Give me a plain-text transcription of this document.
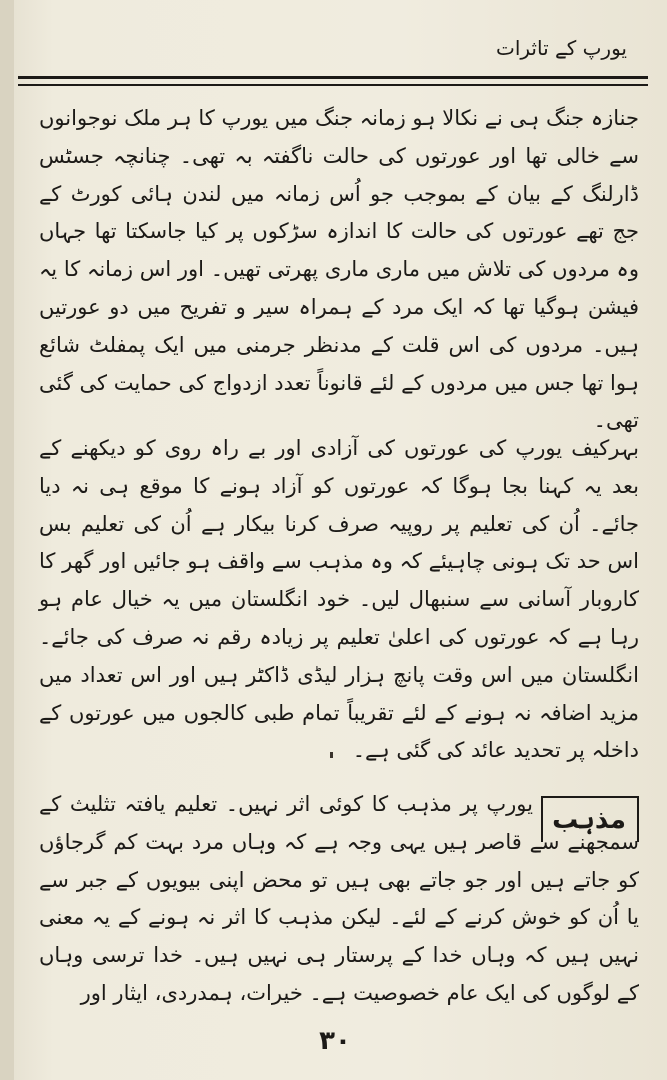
یورپ کے تاثرات

جنازہ جنگ ہی نے نکالا ہو زمانہ جنگ میں یورپ کا ہر ملک نوجوانوں سے خالی تھا اور عورتوں کی حالت ناگفتہ بہ تھی۔ چنانچہ جسٹس ڈارلنگ کے بیان کے بموجب جو اُس زمانہ میں لندن ہائی کورٹ کے جج تھے عورتوں کی حالت کا اندازہ سڑکوں پر کیا جاسکتا تھا جہاں وہ مردوں کی تلاش میں ماری ماری پھرتی تھیں۔ اور اس زمانہ کا یہ فیشن ہوگیا تھا کہ ایک مرد کے ہمراہ سیر و تفریح میں دو عورتیں ہیں۔ مردوں کی اس قلت کے مدنظر جرمنی میں ایک پمفلٹ شائع ہوا تھا جس میں مردوں کے لئے قانوناً تعدد ازدواج کی حمایت کی گئی تھی۔

بہرکیف یورپ کی عورتوں کی آزادی اور بے راہ روی کو دیکھنے کے بعد یہ کہنا بجا ہوگا کہ عورتوں کو آزاد ہونے کا موقع ہی نہ دیا جائے۔ اُن کی تعلیم پر روپیہ صرف کرنا بیکار ہے اُن کی تعلیم بس اس حد تک ہونی چاہیئے کہ وہ مذہب سے واقف ہو جائیں اور گھر کا کاروبار آسانی سے سنبھال لیں۔ خود انگلستان میں یہ خیال عام ہو رہا ہے کہ عورتوں کی اعلیٰ تعلیم پر زیادہ رقم نہ صرف کی جائے۔ انگلستان میں اس وقت پانچ ہزار لیڈی ڈاکٹر ہیں اور اس تعداد میں مزید اضافہ نہ ہونے کے لئے تقریباً تمام طبی کالجوں میں عورتوں کے داخلہ پر تحدید عائد کی گئی ہے۔

مذہب
یورپ پر مذہب کا کوئی اثر نہیں۔ تعلیم یافتہ تثلیث کے سمجھنے سے قاصر ہیں یہی وجہ ہے کہ وہاں مرد بہت کم گرجاؤں کو جاتے ہیں اور جو جاتے بھی ہیں تو محض اپنی بیویوں کے جبر سے یا اُن کو خوش کرنے کے لئے۔ لیکن مذہب کا اثر نہ ہونے کے یہ معنی نہیں ہیں کہ وہاں خدا کے پرستار ہی نہیں ہیں۔ خدا ترسی وہاں کے لوگوں کی ایک عام خصوصیت ہے۔ خیرات، ہمدردی، ایثار اور
۳۰
